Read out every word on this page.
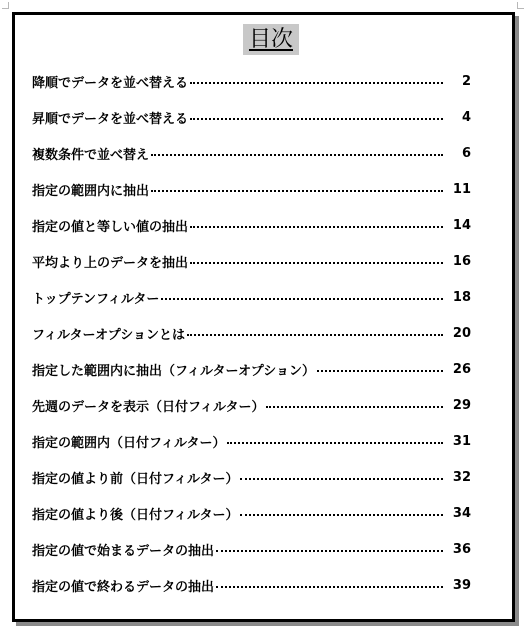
目次
降順でデータを並べ替える	2
昇順でデータを並べ替える	4
複数条件で並べ替え	6
指定の範囲内に抽出	11
指定の値と等しい値の抽出	14
平均より上のデータを抽出	16
トップテンフィルター	18
フィルターオプションとは	20
指定した範囲内に抽出（フィルターオプション）	26
先週のデータを表示（日付フィルター）	29
指定の範囲内（日付フィルター）	31
指定の値より前（日付フィルター）	32
指定の値より後（日付フィルター）	34
指定の値で始まるデータの抽出	36
指定の値で終わるデータの抽出	39
